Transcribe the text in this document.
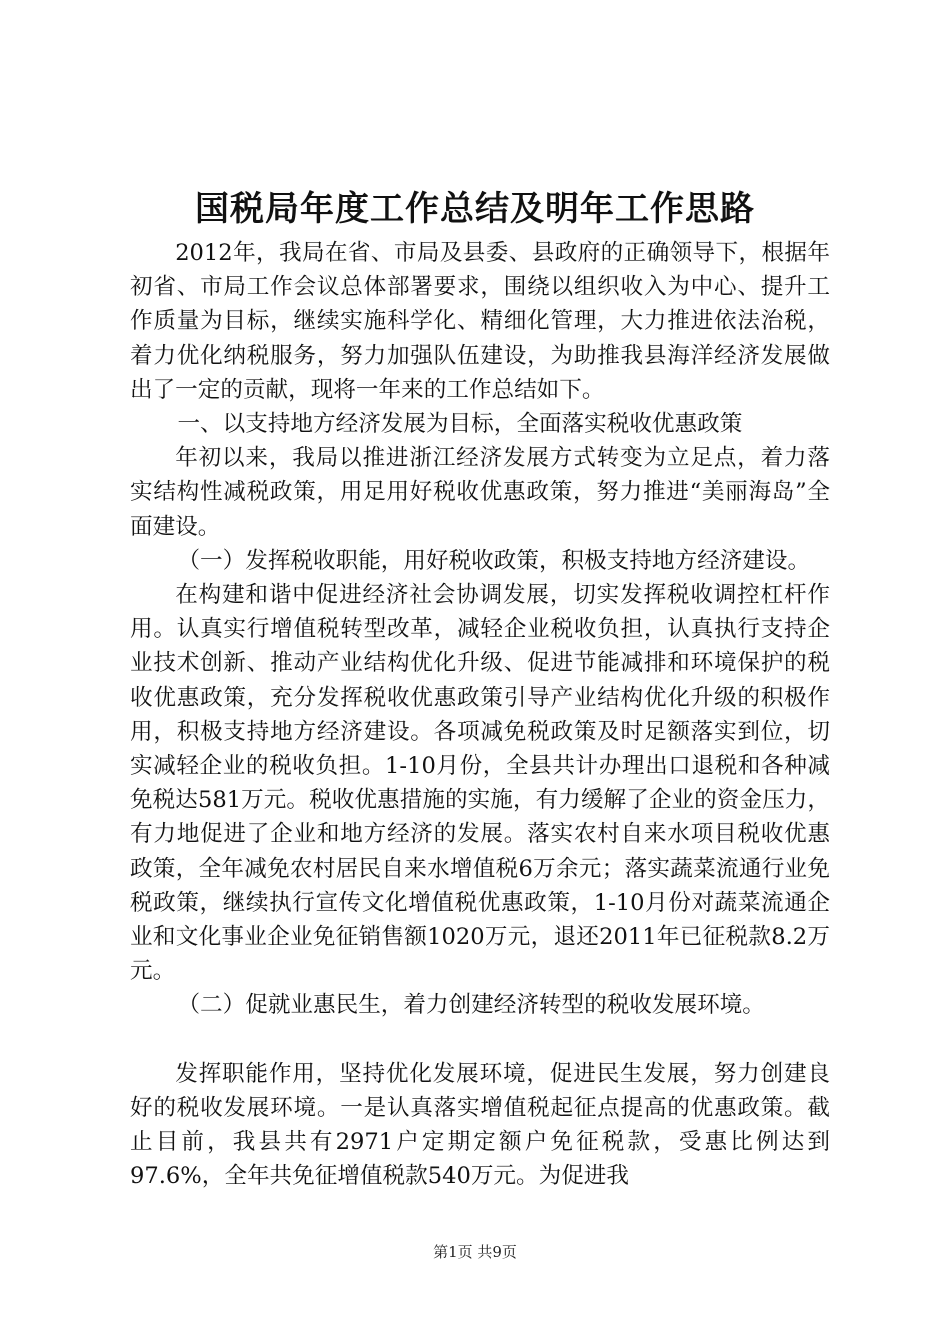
国税局年度工作总结及明年工作思路

2012年，我局在省、市局及县委、县政府的正确领导下，根据年初省、市局工作会议总体部署要求，围绕以组织收入为中心、提升工作质量为目标，继续实施科学化、精细化管理，大力推进依法治税，着力优化纳税服务，努力加强队伍建设，为助推我县海洋经济发展做出了一定的贡献，现将一年来的工作总结如下。

一、以支持地方经济发展为目标，全面落实税收优惠政策

年初以来，我局以推进浙江经济发展方式转变为立足点，着力落实结构性减税政策，用足用好税收优惠政策，努力推进“美丽海岛”全面建设。

（一）发挥税收职能，用好税收政策，积极支持地方经济建设。

在构建和谐中促进经济社会协调发展，切实发挥税收调控杠杆作用。认真实行增值税转型改革，减轻企业税收负担，认真执行支持企业技术创新、推动产业结构优化升级、促进节能减排和环境保护的税收优惠政策，充分发挥税收优惠政策引导产业结构优化升级的积极作用，积极支持地方经济建设。各项减免税政策及时足额落实到位，切实减轻企业的税收负担。1-10月份，全县共计办理出口退税和各种减免税达581万元。税收优惠措施的实施，有力缓解了企业的资金压力，有力地促进了企业和地方经济的发展。落实农村自来水项目税收优惠政策，全年减免农村居民自来水增值税6万余元；落实蔬菜流通行业免税政策，继续执行宣传文化增值税优惠政策，1-10月份对蔬菜流通企业和文化事业企业免征销售额1020万元，退还2011年已征税款8.2万元。

（二）促就业惠民生，着力创建经济转型的税收发展环境。

发挥职能作用，坚持优化发展环境，促进民生发展，努力创建良好的税收发展环境。一是认真落实增值税起征点提高的优惠政策。截止目前，我县共有2971户定期定额户免征税款，受惠比例达到97.6%，全年共免征增值税款540万元。为促进我

第1页 共9页
